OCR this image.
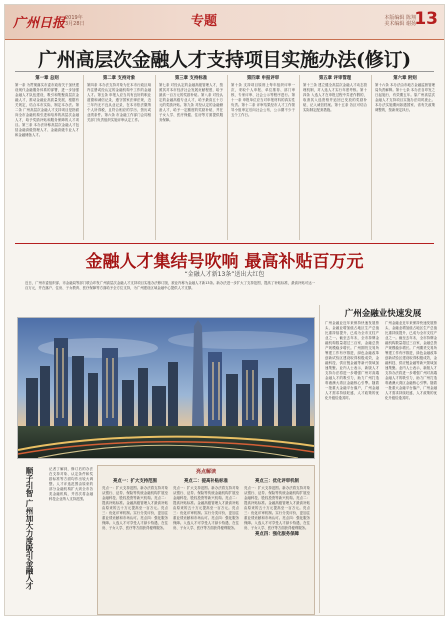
广州日报 2019年
3月28日	专题	本版编辑 陈翔
美术编辑 谢扬
13
广州高层次金融人才支持项目实施办法(修订)
第一章 总则
第一条 为贯彻落实市委市政府关于加快建设现代金融服务体系的部署，进一步加强金融人才队伍建设，吸引和集聚高层次金融人才，推动金融业高质量发展，根据有关规定，结合本市实际，制定本办法。第二条 广州高层次金融人才支持项目是指面向全市金融机构引进和培养的高层次金融人才，给予奖励补贴和服务保障的人才项目。第三条 本办法所称高层次金融人才包括金融高级管理人才、金融高级专业人才和金融储备人才。
第二章 支持对象
第四条 本办法支持对象为在本市行政区域内注册或经认定的金融机构中工作的金融人才。第五条 申报人应当具有良好的职业道德和诚信记录，遵守国家法律法规，近三年内无不良从业记录，在本市依法缴纳个人所得税，且符合相应的学历、资历或业绩条件。第六条 市金融工作部门会同相关部门负责组织实施评审认定工作。
第三章 支持标准
第七条 对经认定的金融高级管理人才，按照其对本市经济社会发展贡献程度，给予最高一百万元的奖励补贴。第八条 对经认定的金融高级专业人才，给予最高五十万元的奖励补贴。第九条 对经认定的金融储备人才，给予一定额度的奖励补贴，并在子女入学、医疗保健、住房等方面提供服务保障。
第四章 申报评审
第十条 支持项目原则上每年组织评审一次，采取个人申报、单位推荐、部门审核、专家评审、社会公示等程序进行。第十一条 申报单位应当对申报材料的真实性负责。第十二条 评审结果经市人才工作领导小组审定后向社会公布，公示期不少于五个工作日。
第五章 评审管理
第十三条 建立健全高层次金融人才动态管理机制，对入选人才实行年度考核。第十四条 入选人才在申报过程中弄虚作假的，取消其入选资格并追回已发放的奖励补贴，记入诚信档案。第十五条 各区可结合实际制定配套措施。
第六章 附则
第十六条 本办法由市地方金融监督管理局负责解释。第十七条 本办法自印发之日起施行，有效期五年。原广州高层次金融人才支持项目实施办法同时废止。本办法实施期间如遇国家、省有关政策调整的，按新规定执行。
金融人才集结号吹响 最高补贴百万元
“金融人才新13条”送出大红包
近日，广州市委组织部、市金融局等部门联合印发广州高层次金融人才支持项目实施办法修订版，被业内称为金融人才新13条。新办法进一步扩大了支持范围，提高了补贴标准，最高补贴可达一百万元，并在落户、住房、子女教育、医疗保障等方面给予全方位支持，为广州建设区域金融中心提供人才支撑。
广州金融业快速发展
广州金融业近年来保持快速发展势头，金融业增加值占地区生产总值比重持续提升，已成为全市支柱产业之一。截至去年末，全市持牌金融机构数量超过三百家，金融总资产规模稳步增长。广州期货交易所筹建工作有序推进，绿色金融改革创新试验区建设取得积极成效，金融科技、供应链金融等新兴领域加速集聚。业内人士表示，新版人才支持办法将进一步增强广州对高端金融人才的吸引力，助力广州打造粤港澳大湾区金融核心引擎。随着一批重大金融平台落户，广州金融人才需求持续旺盛，人才政策的优化升级恰逢其时。
广州金融业近年来保持快速发展势头，金融业增加值占地区生产总值比重持续提升，已成为全市支柱产业之一。截至去年末，全市持牌金融机构数量超过三百家，金融总资产规模稳步增长。广州期货交易所筹建工作有序推进，绿色金融改革创新试验区建设取得积极成效，金融科技、供应链金融等新兴领域加速集聚。业内人士表示，新版人才支持办法将进一步增强广州对高端金融人才的吸引力，助力广州打造粤港澳大湾区金融核心引擎。随着一批重大金融平台落户，广州金融人才需求持续旺盛，人才政策的优化升级恰逢其时。
顺子引智 广州加大力度吸引金融人才	记者了解到，修订后的办法在支持对象、认定条件和奖励标准等方面均作出较大调整。人才评选范围由原来的部分金融机构扩大到全市各类金融机构，并首次将金融科技企业纳入支持范围。
亮点解读
亮点一：扩大支持范围
亮点一：扩大支持范围。新办法将支持对象从银行、证券、保险等传统金融机构扩展至金融科技、股权投资等新兴机构。亮点二：提高补贴标准。金融高级管理人才最高补贴由原来的五十万元提高至一百万元。亮点三：优化评审机制。实行分类评价，更加注重业绩贡献和市场认可。亮点四：强化服务保障。入选人才可享受人才绿卡待遇，在住房、子女入学、医疗等方面获得便利服务。
亮点二：提高补贴标准
亮点一：扩大支持范围。新办法将支持对象从银行、证券、保险等传统金融机构扩展至金融科技、股权投资等新兴机构。亮点二：提高补贴标准。金融高级管理人才最高补贴由原来的五十万元提高至一百万元。亮点三：优化评审机制。实行分类评价，更加注重业绩贡献和市场认可。亮点四：强化服务保障。入选人才可享受人才绿卡待遇，在住房、子女入学、医疗等方面获得便利服务。
亮点三：优化评审机制
亮点一：扩大支持范围。新办法将支持对象从银行、证券、保险等传统金融机构扩展至金融科技、股权投资等新兴机构。亮点二：提高补贴标准。金融高级管理人才最高补贴由原来的五十万元提高至一百万元。亮点三：优化评审机制。实行分类评价，更加注重业绩贡献和市场认可。亮点四：强化服务保障。入选人才可享受人才绿卡待遇，在住房、子女入学、医疗等方面获得便利服务。
亮点四：强化服务保障
